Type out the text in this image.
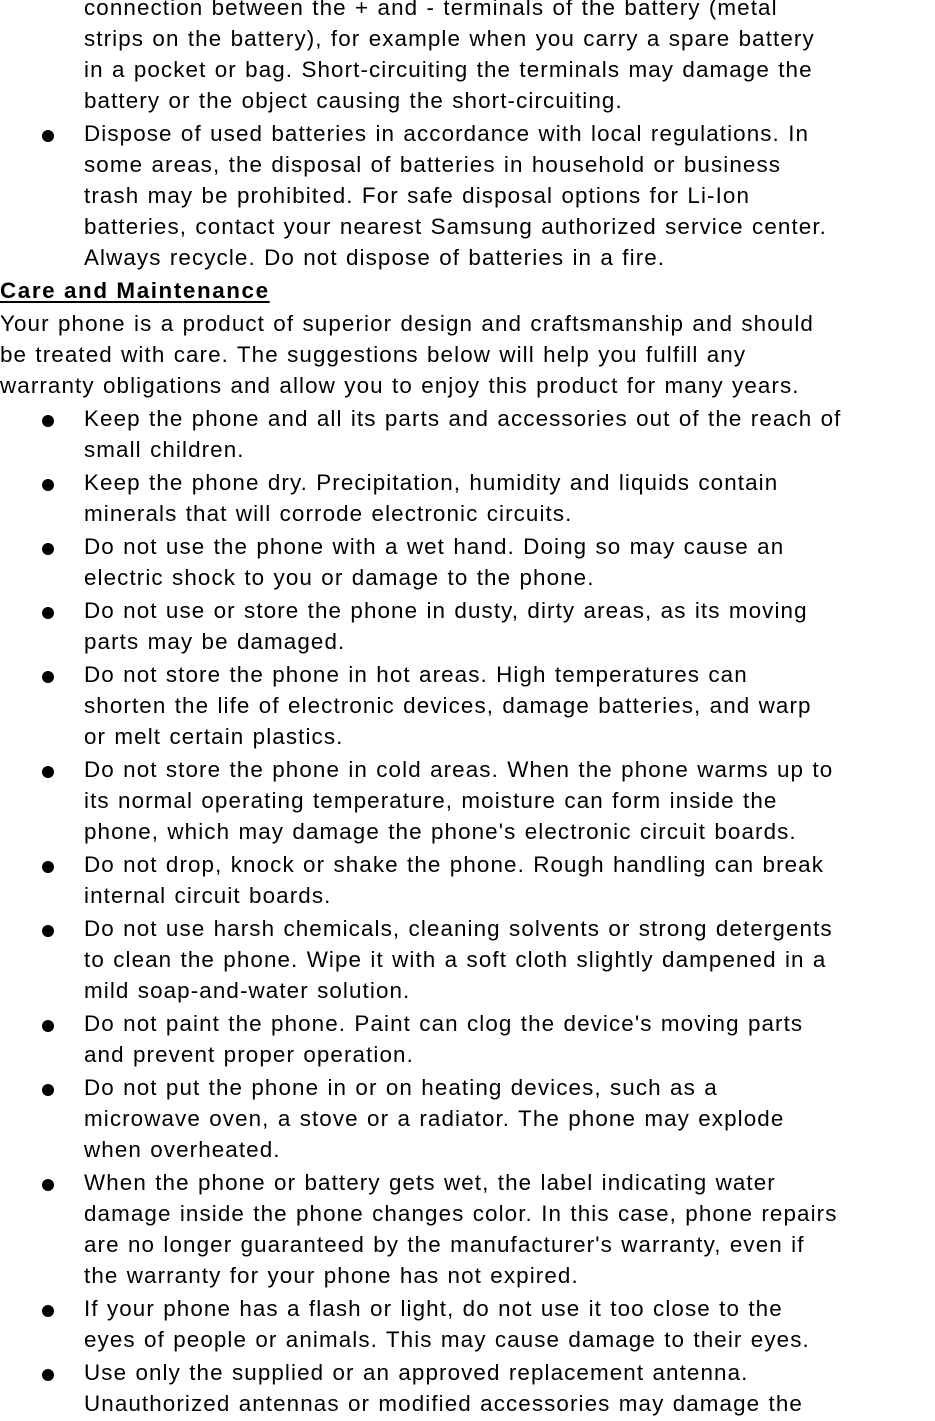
connection between the + and - terminals of the battery (metal
strips on the battery), for example when you carry a spare battery
in a pocket or bag. Short-circuiting the terminals may damage the
battery or the object causing the short-circuiting.

Dispose of used batteries in accordance with local regulations. In
some areas, the disposal of batteries in household or business
trash may be prohibited. For safe disposal options for Li-Ion
batteries, contact your nearest Samsung authorized service center.
Always recycle. Do not dispose of batteries in a fire.

Care and Maintenance

Your phone is a product of superior design and craftsmanship and should
be treated with care. The suggestions below will help you fulfill any
warranty obligations and allow you to enjoy this product for many years.

Keep the phone and all its parts and accessories out of the reach of
small children.

Keep the phone dry. Precipitation, humidity and liquids contain
minerals that will corrode electronic circuits.

Do not use the phone with a wet hand. Doing so may cause an
electric shock to you or damage to the phone.

Do not use or store the phone in dusty, dirty areas, as its moving
parts may be damaged.

Do not store the phone in hot areas. High temperatures can
shorten the life of electronic devices, damage batteries, and warp
or melt certain plastics.

Do not store the phone in cold areas. When the phone warms up to
its normal operating temperature, moisture can form inside the
phone, which may damage the phone's electronic circuit boards.

Do not drop, knock or shake the phone. Rough handling can break
internal circuit boards.

Do not use harsh chemicals, cleaning solvents or strong detergents
to clean the phone. Wipe it with a soft cloth slightly dampened in a
mild soap-and-water solution.

Do not paint the phone. Paint can clog the device's moving parts
and prevent proper operation.

Do not put the phone in or on heating devices, such as a
microwave oven, a stove or a radiator. The phone may explode
when overheated.

When the phone or battery gets wet, the label indicating water
damage inside the phone changes color. In this case, phone repairs
are no longer guaranteed by the manufacturer's warranty, even if
the warranty for your phone has not expired.

If your phone has a flash or light, do not use it too close to the
eyes of people or animals. This may cause damage to their eyes.

Use only the supplied or an approved replacement antenna.
Unauthorized antennas or modified accessories may damage the
